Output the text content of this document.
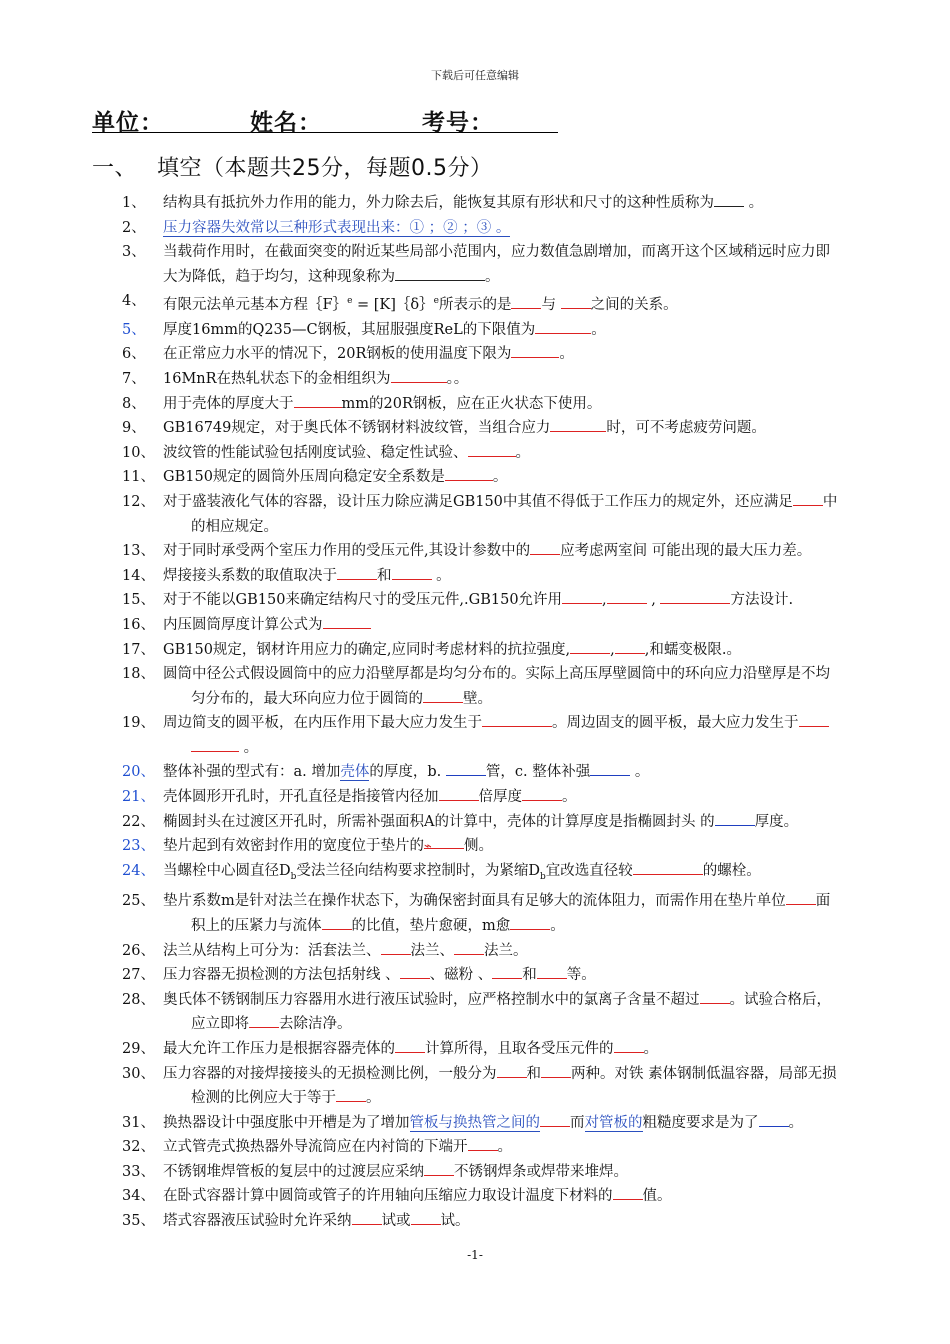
下载后可任意编辑
单位：	姓名：	考号：
一、 填空（本题共25分，每题0.5分）
1、 结构具有抵抗外力作用的能力，外力除去后，能恢复其原有形状和尺寸的这种性质称为 。
2、 压力容器失效常以三种形式表现出来：① ；② ；③ 。
3、 当载荷作用时，在截面突变的附近某些局部小范围内，应力数值急剧增加，而离开这个区域稍远时应力即
大为降低，趋于均匀，这种现象称为	。
4、 有限元法单元基本方程｛F｝$^e$ = [K]｛δ｝$^e$所表示的是 与 之间的关系。
5、 厚度16mm的Q235—C钢板，其屈服强度ReL的下限值为	。
6、 在正常应力水平的情况下，20R钢板的使用温度下限为	。
7、 16MnR在热轧状态下的金相组织为	。。
8、 用于壳体的厚度大于	mm的20R钢板，应在正火状态下使用。
9、 GB16749规定，对于奥氏体不锈钢材料波纹管，当组合应力	时，可不考虑疲劳问题。
10、 波纹管的性能试验包括刚度试验、稳定性试验、	。
11、 GB150规定的圆筒外压周向稳定安全系数是	。
12、 对于盛装液化气体的容器，设计压力除应满足GB150中其值不得低于工作压力的规定外，还应满足 中
的相应规定。
13、 对于同时承受两个室压力作用的受压元件,其设计参数中的 应考虑两室间 可能出现的最大压力差。
14、 焊接接头系数的取值取决于	和	。
15、 对于不能以GB150来确定结构尺寸的受压元件,.GB150允许用	,	,	方法设计.
16、 内压圆筒厚度计算公式为
17、 GB150规定，钢材许用应力的确定,应同时考虑材料的抗拉强度,	, ,和蠕变极限.。
18、 圆筒中径公式假设圆筒中的应力沿壁厚都是均匀分布的。实际上高压厚壁圆筒中的环向应力沿壁厚是不均
匀分布的，最大环向应力位于圆筒的	壁。
19、 周边简支的圆平板，在内压作用下最大应力发生于	。周边固支的圆平板，最大应力发生于
。
20、 整体补强的型式有：a. 增加壳体的厚度，b.	管，c. 整体补强	。
21、 壳体圆形开孔时，开孔直径是指接管内径加	倍厚度	。
22、 椭圆封头在过渡区开孔时，所需补强面积A的计算中，壳体的计算厚度是指椭圆封头 的	厚度。
23、 垫片起到有效密封作用的宽度位于垫片的⌁ 侧。
24、 当螺栓中心圆直径$D_b$受法兰径向结构要求控制时，为紧缩$D_b$宜改选直径较	的螺栓。
25、 垫片系数m是针对法兰在操作状态下，为确保密封面具有足够大的流体阻力，而需作用在垫片单位 面
积上的压紧力与流体 的比值，垫片愈硬，m愈	。
26、 法兰从结构上可分为：活套法兰、 法兰、 法兰。
27、 压力容器无损检测的方法包括射线 、 、磁粉 、 和 等。
28、 奥氏体不锈钢制压力容器用水进行液压试验时，应严格控制水中的氯离子含量不超过 。试验合格后，
应立即将 去除洁净。
29、 最大允许工作压力是根据容器壳体的 计算所得，且取各受压元件的 。
30、 压力容器的对接焊接接头的无损检测比例，一般分为 和 两种。对铁 素体钢制低温容器，局部无损
检测的比例应大于等于 。
31、 换热器设计中强度胀中开槽是为了增加管板与换热管之间的 而对管板的粗糙度要求是为了 。
32、 立式管壳式换热器外导流筒应在内衬筒的下端开 。
33、 不锈钢堆焊管板的复层中的过渡层应采纳 不锈钢焊条或焊带来堆焊。
34、 在卧式容器计算中圆筒或管子的许用轴向压缩应力取设计温度下材料的 值。
35、 塔式容器液压试验时允许采纳 试或 试。
-1-
